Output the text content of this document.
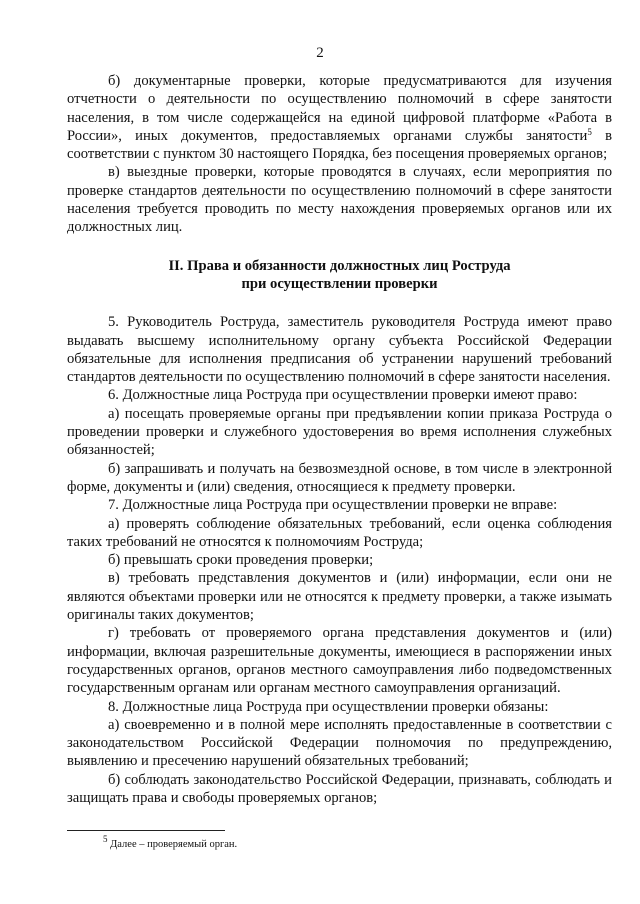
2

б) документарные проверки, которые предусматриваются для изучения отчетности о деятельности по осуществлению полномочий в сфере занятости населения, в том числе содержащейся на единой цифровой платформе «Работа в России», иных документов, предоставляемых органами службы занятости$^5$ в соответствии с пунктом 30 настоящего Порядка, без посещения проверяемых органов;

в) выездные проверки, которые проводятся в случаях, если мероприятия по проверке стандартов деятельности по осуществлению полномочий в сфере занятости населения требуется проводить по месту нахождения проверяемых органов или их должностных лиц.

II. Права и обязанности должностных лиц Роструда
при осуществлении проверки

5. Руководитель Роструда, заместитель руководителя Роструда имеют право выдавать высшему исполнительному органу субъекта Российской Федерации обязательные для исполнения предписания об устранении нарушений требований стандартов деятельности по осуществлению полномочий в сфере занятости населения.

6. Должностные лица Роструда при осуществлении проверки имеют право:

а) посещать проверяемые органы при предъявлении копии приказа Роструда о проведении проверки и служебного удостоверения во время исполнения служебных обязанностей;

б) запрашивать и получать на безвозмездной основе, в том числе в электронной форме, документы и (или) сведения, относящиеся к предмету проверки.

7. Должностные лица Роструда при осуществлении проверки не вправе:

а) проверять соблюдение обязательных требований, если оценка соблюдения таких требований не относятся к полномочиям Роструда;

б) превышать сроки проведения проверки;

в) требовать представления документов и (или) информации, если они не являются объектами проверки или не относятся к предмету проверки, а также изымать оригиналы таких документов;

г) требовать от проверяемого органа представления документов и (или) информации, включая разрешительные документы, имеющиеся в распоряжении иных государственных органов, органов местного самоуправления либо подведомственных государственным органам или органам местного самоуправления организаций.

8. Должностные лица Роструда при осуществлении проверки обязаны:

а) своевременно и в полной мере исполнять предоставленные в соответствии с законодательством Российской Федерации полномочия по предупреждению, выявлению и пресечению нарушений обязательных требований;

б) соблюдать законодательство Российской Федерации, признавать, соблюдать и защищать права и свободы проверяемых органов;

$^5$ Далее – проверяемый орган.
